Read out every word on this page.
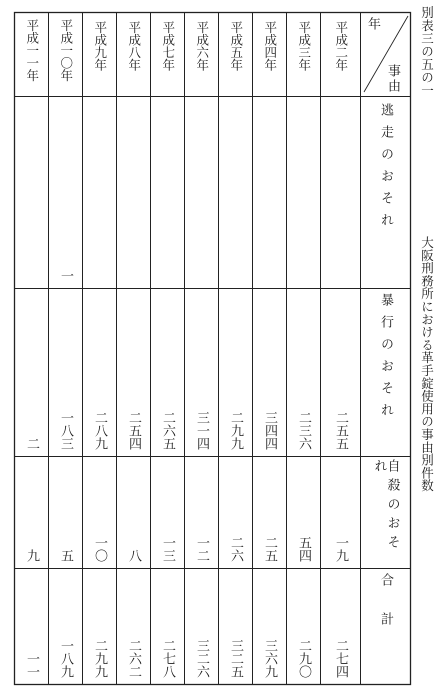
別表三の五の一
大阪刑務所における革手錠使用の事由別件数
年
事由
逃走のおそれ
暴行のおそれ
自殺のおそれ
合　　計
平成二年
二五五
一九
二七四
平成三年
二三六
五四
二九〇
平成四年
三四四
二五
三六九
平成五年
二九九
二六
三二五
平成六年
三一四
一二
三二六
平成七年
二六五
一三
二七八
平成八年
二五四
八
二六二
平成九年
二八九
一〇
二九九
平成一〇年
一
一八三
五
一八九
平成一一年
二
九
一一
